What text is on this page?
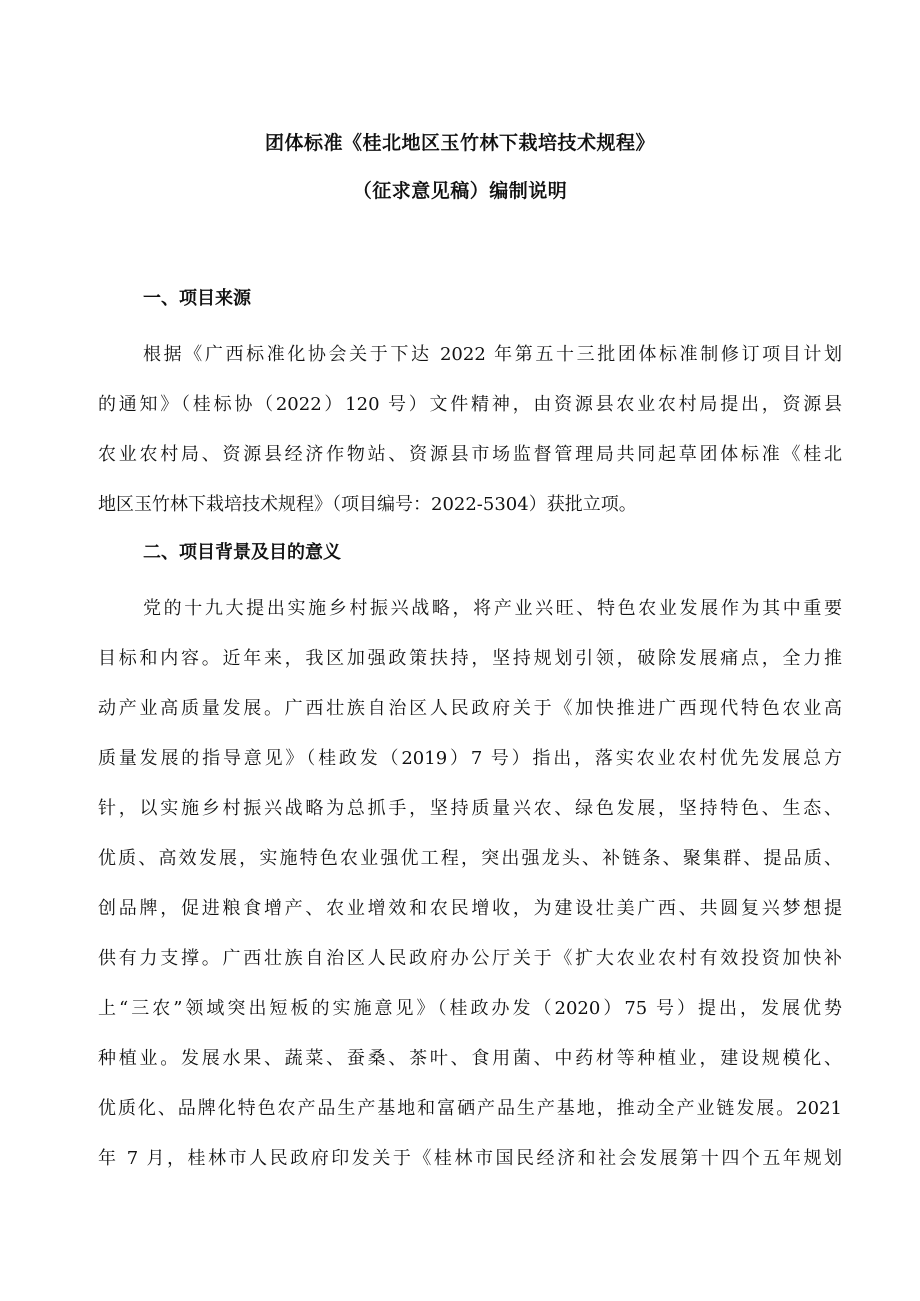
团体标准《桂北地区玉竹林下栽培技术规程》
（征求意见稿）编制说明
一、项目来源
根据《广西标准化协会关于下达 2022 年第五十三批团体标准制修订项目计划
的通知》（桂标协（2022）120 号）文件精神，由资源县农业农村局提出，资源县
农业农村局、资源县经济作物站、资源县市场监督管理局共同起草团体标准《桂北
地区玉竹林下栽培技术规程》（项目编号：2022-5304）获批立项。
二、项目背景及目的意义
党的十九大提出实施乡村振兴战略，将产业兴旺、特色农业发展作为其中重要
目标和内容。近年来，我区加强政策扶持，坚持规划引领，破除发展痛点，全力推
动产业高质量发展。广西壮族自治区人民政府关于《加快推进广西现代特色农业高
质量发展的指导意见》（桂政发（2019）7 号）指出，落实农业农村优先发展总方
针，以实施乡村振兴战略为总抓手，坚持质量兴农、绿色发展，坚持特色、生态、
优质、高效发展，实施特色农业强优工程，突出强龙头、补链条、聚集群、提品质、
创品牌，促进粮食增产、农业增效和农民增收，为建设壮美广西、共圆复兴梦想提
供有力支撑。广西壮族自治区人民政府办公厅关于《扩大农业农村有效投资加快补
上“三农”领域突出短板的实施意见》（桂政办发（2020）75 号）提出，发展优势
种植业。发展水果、蔬菜、蚕桑、茶叶、食用菌、中药材等种植业，建设规模化、
优质化、品牌化特色农产品生产基地和富硒产品生产基地，推动全产业链发展。2021
年 7 月，桂林市人民政府印发关于《桂林市国民经济和社会发展第十四个五年规划
